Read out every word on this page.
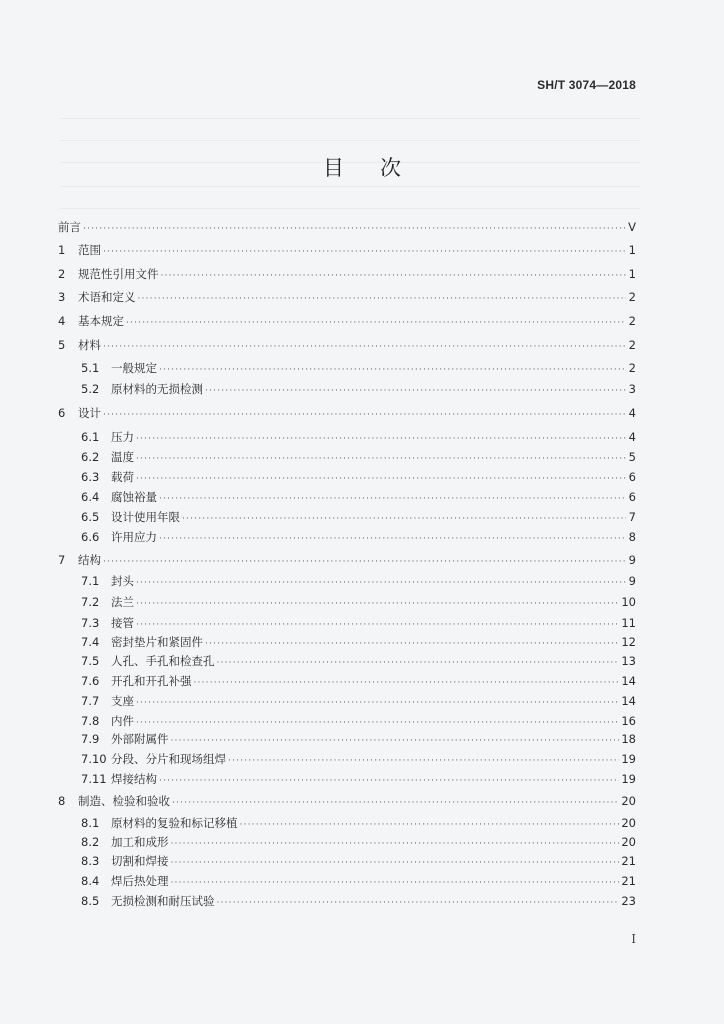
SH/T 3074—2018
目次
前言 ·····	V
1	范围 ·····	1
2	规范性引用文件 ·····	1
3	术语和定义 ·····	2
4	基本规定 ·····	2
5	材料 ·····	2
5.1	一般规定 ·····	2
5.2	原材料的无损检测 ·····	3
6	设计 ·····	4
6.1	压力 ·····	4
6.2	温度 ·····	5
6.3	载荷 ·····	6
6.4	腐蚀裕量 ·····	6
6.5	设计使用年限 ·····	7
6.6	许用应力 ·····	8
7	结构 ·····	9
7.1	封头 ·····	9
7.2	法兰 ·····	10
7.3	接管 ·····	11
7.4	密封垫片和紧固件 ·····	12
7.5	人孔、手孔和检查孔 ·····	13
7.6	开孔和开孔补强 ·····	14
7.7	支座 ·····	14
7.8	内件 ·····	16
7.9	外部附属件 ·····	18
7.10 分段、分片和现场组焊 ·····	19
7.11 焊接结构 ·····	19
8	制造、检验和验收 ·····	20
8.1	原材料的复验和标记移植 ·····	20
8.2	加工和成形 ·····	20
8.3	切割和焊接 ·····	21
8.4	焊后热处理 ·····	21
8.5	无损检测和耐压试验 ·····	23
I
